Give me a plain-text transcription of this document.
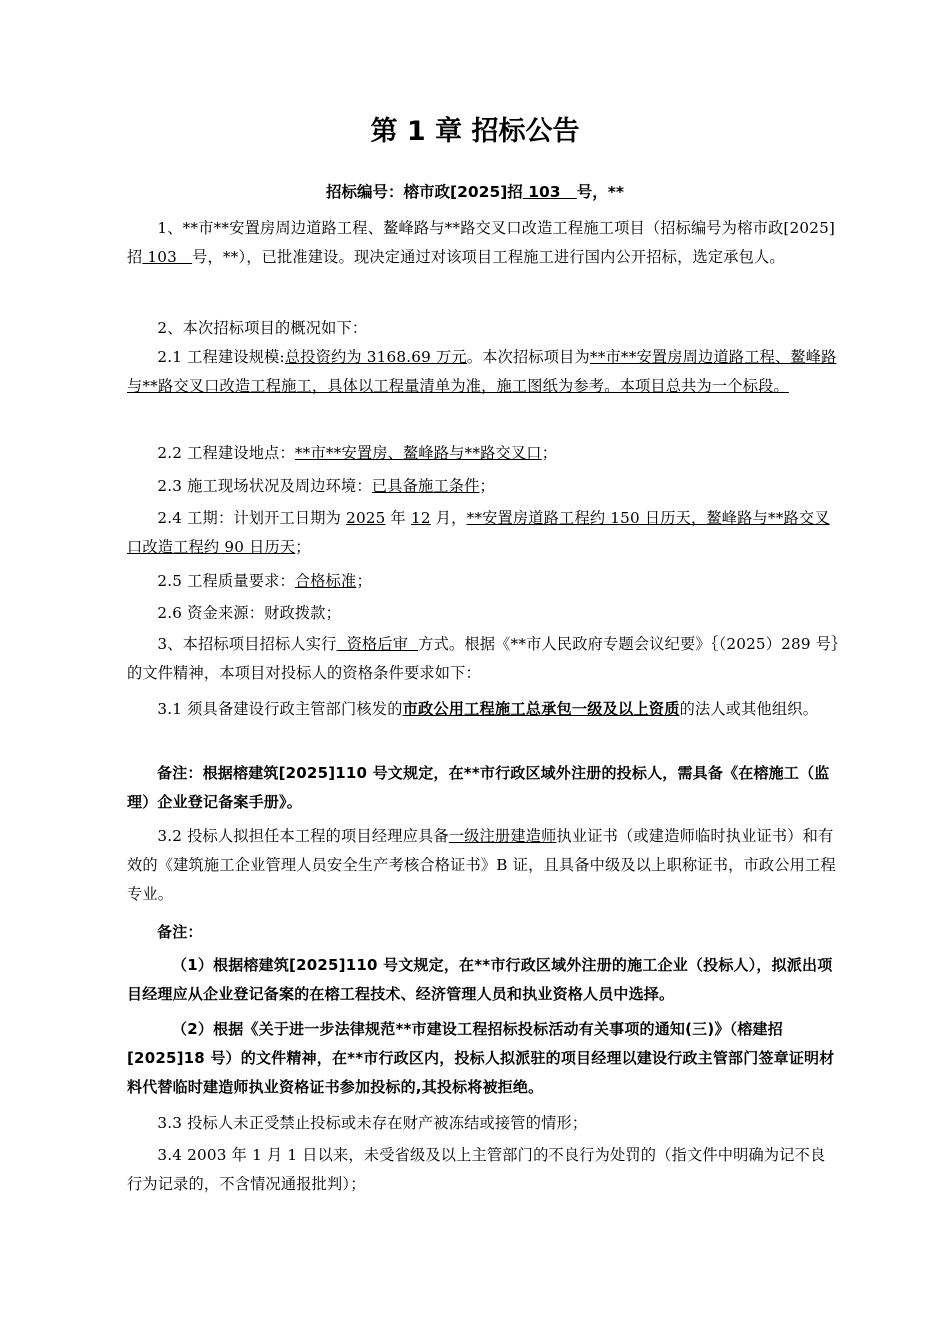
第 1 章 招标公告
招标编号：榕市政[2025]招 103   号，**

1、**市**安置房周边道路工程、鳌峰路与**路交叉口改造工程施工项目（招标编号为榕市政[2025]招 103   号，**），已批准建设。现决定通过对该项目工程施工进行国内公开招标，选定承包人。

2、本次招标项目的概况如下：

2.1 工程建设规模:总投资约为 3168.69 万元。本次招标项目为**市**安置房周边道路工程、鳌峰路与**路交叉口改造工程施工，具体以工程量清单为准，施工图纸为参考。本项目总共为一个标段。

2.2 工程建设地点：**市**安置房、鳌峰路与**路交叉口；

2.3 施工现场状况及周边环境：已具备施工条件；

2.4 工期：计划开工日期为 2025 年 12 月，**安置房道路工程约 150 日历天，鳌峰路与**路交叉口改造工程约 90 日历天；

2.5 工程质量要求：合格标准；

2.6 资金来源：财政拨款；

3、本招标项目招标人实行  资格后审  方式。根据《**市人民政府专题会议纪要》｛（2025）289 号｝的文件精神，本项目对投标人的资格条件要求如下：

3.1 须具备建设行政主管部门核发的市政公用工程施工总承包一级及以上资质的法人或其他组织。

备注：根据榕建筑[2025]110 号文规定，在**市行政区域外注册的投标人，需具备《在榕施工（监理）企业登记备案手册》。

3.2 投标人拟担任本工程的项目经理应具备一级注册建造师执业证书（或建造师临时执业证书）和有效的《建筑施工企业管理人员安全生产考核合格证书》B 证，且具备中级及以上职称证书，市政公用工程专业。

备注：

（1）根据榕建筑[2025]110 号文规定，在**市行政区域外注册的施工企业（投标人），拟派出项目经理应从企业登记备案的在榕工程技术、经济管理人员和执业资格人员中选择。

（2）根据《关于进一步法律规范**市建设工程招标投标活动有关事项的通知(三)》（榕建招[2025]18 号）的文件精神，在**市行政区内，投标人拟派驻的项目经理以建设行政主管部门签章证明材料代替临时建造师执业资格证书参加投标的,其投标将被拒绝。

3.3 投标人未正受禁止投标或未存在财产被冻结或接管的情形；

3.4 2003 年 1 月 1 日以来，未受省级及以上主管部门的不良行为处罚的（指文件中明确为记不良行为记录的，不含情况通报批判）；
